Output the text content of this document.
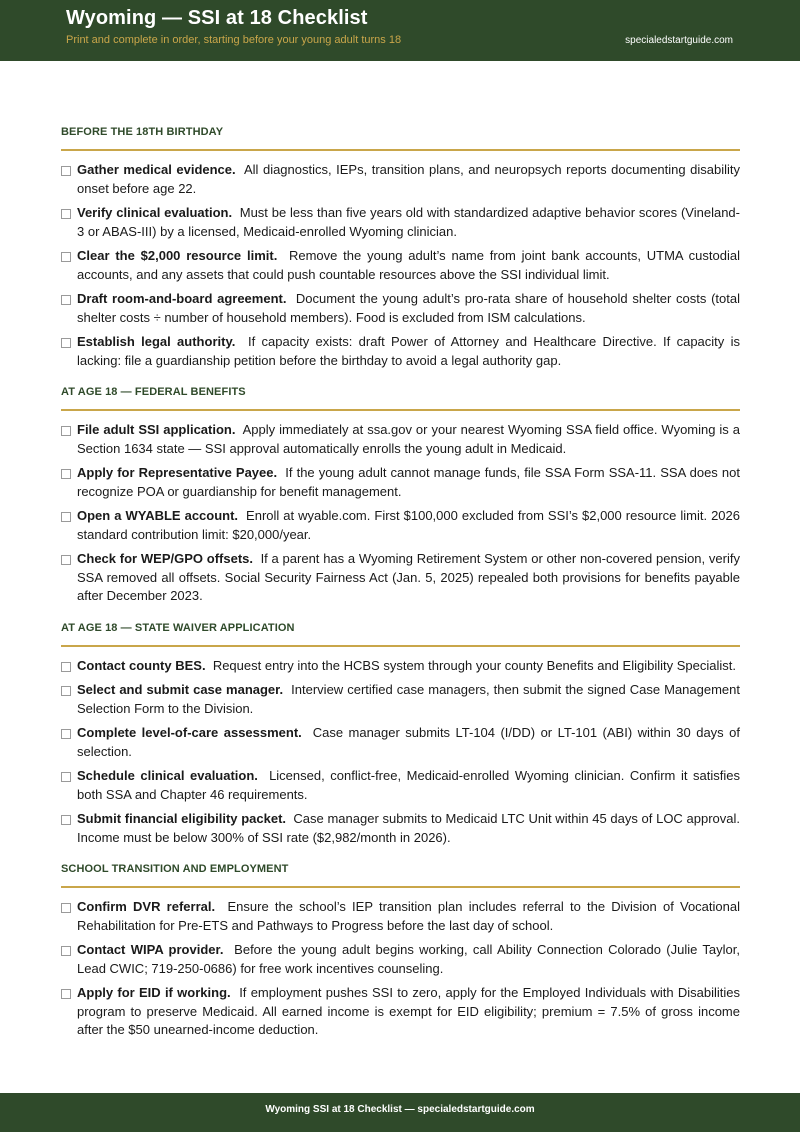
Wyoming — SSI at 18 Checklist
Print and complete in order, starting before your young adult turns 18	specialedstartguide.com
BEFORE THE 18TH BIRTHDAY
Gather medical evidence. All diagnostics, IEPs, transition plans, and neuropsych reports documenting disability onset before age 22.
Verify clinical evaluation. Must be less than five years old with standardized adaptive behavior scores (Vineland-3 or ABAS-III) by a licensed, Medicaid-enrolled Wyoming clinician.
Clear the $2,000 resource limit. Remove the young adult’s name from joint bank accounts, UTMA custodial accounts, and any assets that could push countable resources above the SSI individual limit.
Draft room-and-board agreement. Document the young adult’s pro-rata share of household shelter costs (total shelter costs ÷ number of household members). Food is excluded from ISM calculations.
Establish legal authority. If capacity exists: draft Power of Attorney and Healthcare Directive. If capacity is lacking: file a guardianship petition before the birthday to avoid a legal authority gap.
AT AGE 18 — FEDERAL BENEFITS
File adult SSI application. Apply immediately at ssa.gov or your nearest Wyoming SSA field office. Wyoming is a Section 1634 state — SSI approval automatically enrolls the young adult in Medicaid.
Apply for Representative Payee. If the young adult cannot manage funds, file SSA Form SSA-11. SSA does not recognize POA or guardianship for benefit management.
Open a WYABLE account. Enroll at wyable.com. First $100,000 excluded from SSI’s $2,000 resource limit. 2026 standard contribution limit: $20,000/year.
Check for WEP/GPO offsets. If a parent has a Wyoming Retirement System or other non-covered pension, verify SSA removed all offsets. Social Security Fairness Act (Jan. 5, 2025) repealed both provisions for benefits payable after December 2023.
AT AGE 18 — STATE WAIVER APPLICATION
Contact county BES. Request entry into the HCBS system through your county Benefits and Eligibility Specialist.
Select and submit case manager. Interview certified case managers, then submit the signed Case Management Selection Form to the Division.
Complete level-of-care assessment. Case manager submits LT-104 (I/DD) or LT-101 (ABI) within 30 days of selection.
Schedule clinical evaluation. Licensed, conflict-free, Medicaid-enrolled Wyoming clinician. Confirm it satisfies both SSA and Chapter 46 requirements.
Submit financial eligibility packet. Case manager submits to Medicaid LTC Unit within 45 days of LOC approval. Income must be below 300% of SSI rate ($2,982/month in 2026).
SCHOOL TRANSITION AND EMPLOYMENT
Confirm DVR referral. Ensure the school’s IEP transition plan includes referral to the Division of Vocational Rehabilitation for Pre-ETS and Pathways to Progress before the last day of school.
Contact WIPA provider. Before the young adult begins working, call Ability Connection Colorado (Julie Taylor, Lead CWIC; 719-250-0686) for free work incentives counseling.
Apply for EID if working. If employment pushes SSI to zero, apply for the Employed Individuals with Disabilities program to preserve Medicaid. All earned income is exempt for EID eligibility; premium = 7.5% of gross income after the $50 unearned-income deduction.
Wyoming SSI at 18 Checklist — specialedstartguide.com
